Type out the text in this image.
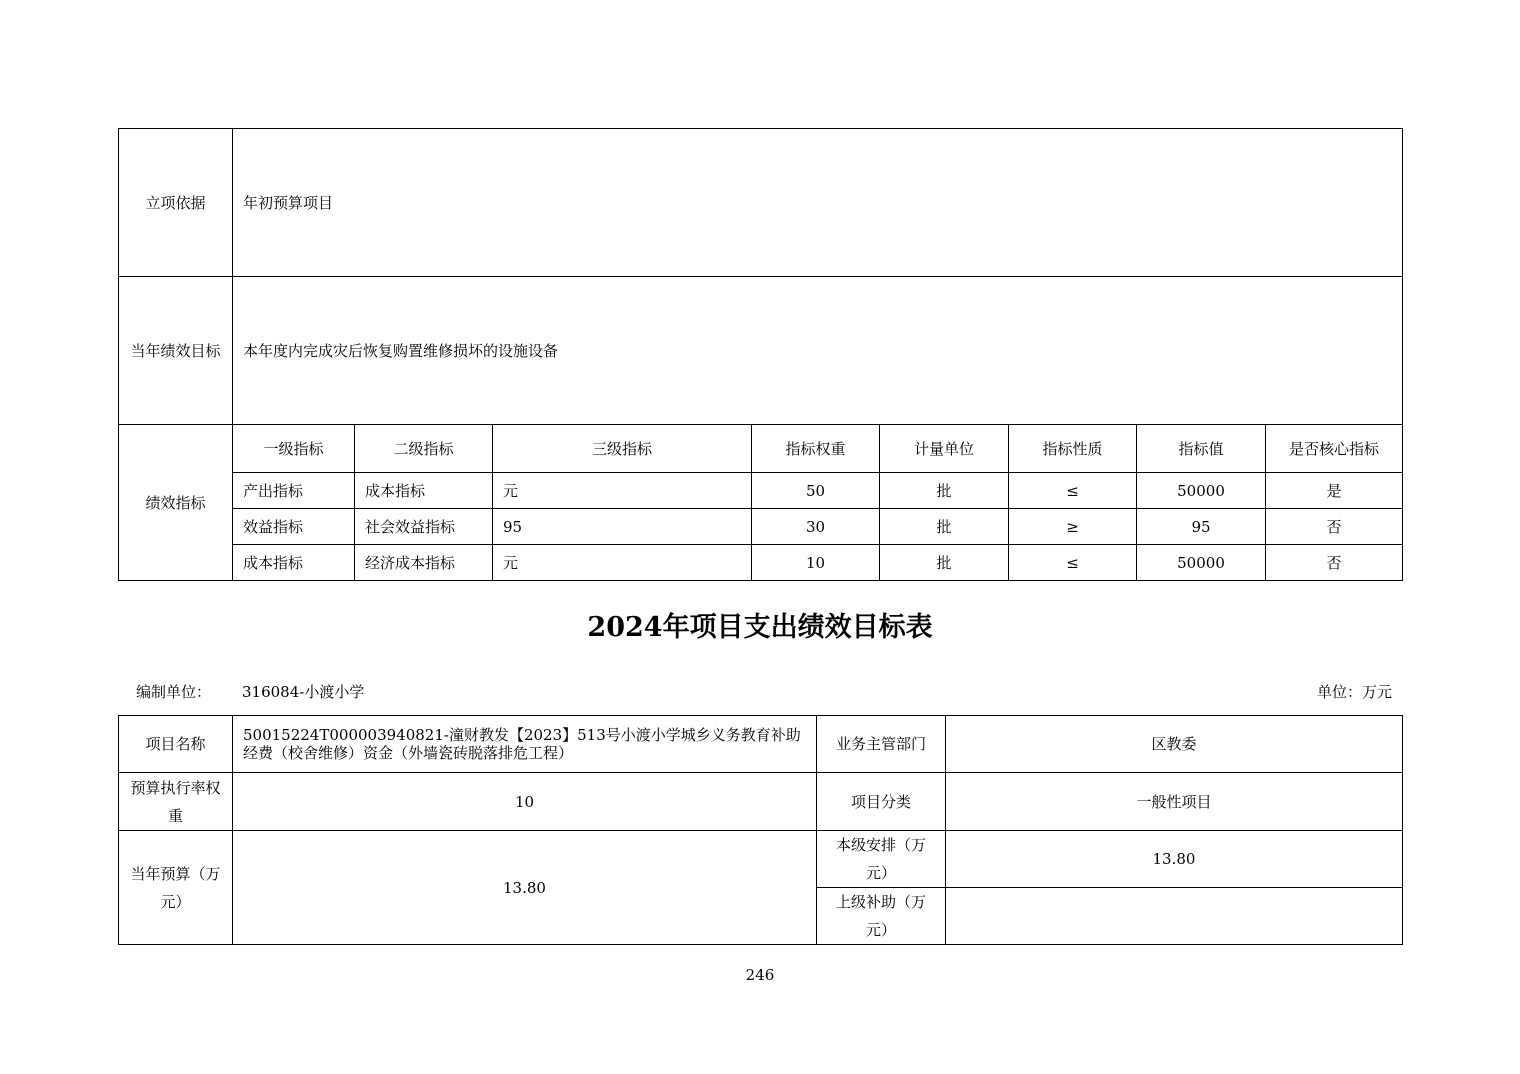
立项依据	年初预算项目							
当年绩效目标	本年度内完成灾后恢复购置维修损坏的设施设备							
绩效指标	一级指标	二级指标	三级指标	指标权重	计量单位	指标性质	指标值	是否核心指标
	产出指标	成本指标	元	50	批	≤	50000	是
	效益指标	社会效益指标	95	30	批	≥	95	否
	成本指标	经济成本指标	元	10	批	≤	50000	否
2024年项目支出绩效目标表
编制单位： 316084-小渡小学	单位：万元
项目名称	50015224T000003940821-潼财教发【2023】513号小渡小学城乡义务教育补助经费（校舍维修）资金（外墙瓷砖脱落排危工程）	业务主管部门	区教委
预算执行率权重	10	项目分类	一般性项目
当年预算（万元）	13.80	本级安排（万元）	13.80
		上级补助（万元）	
246
